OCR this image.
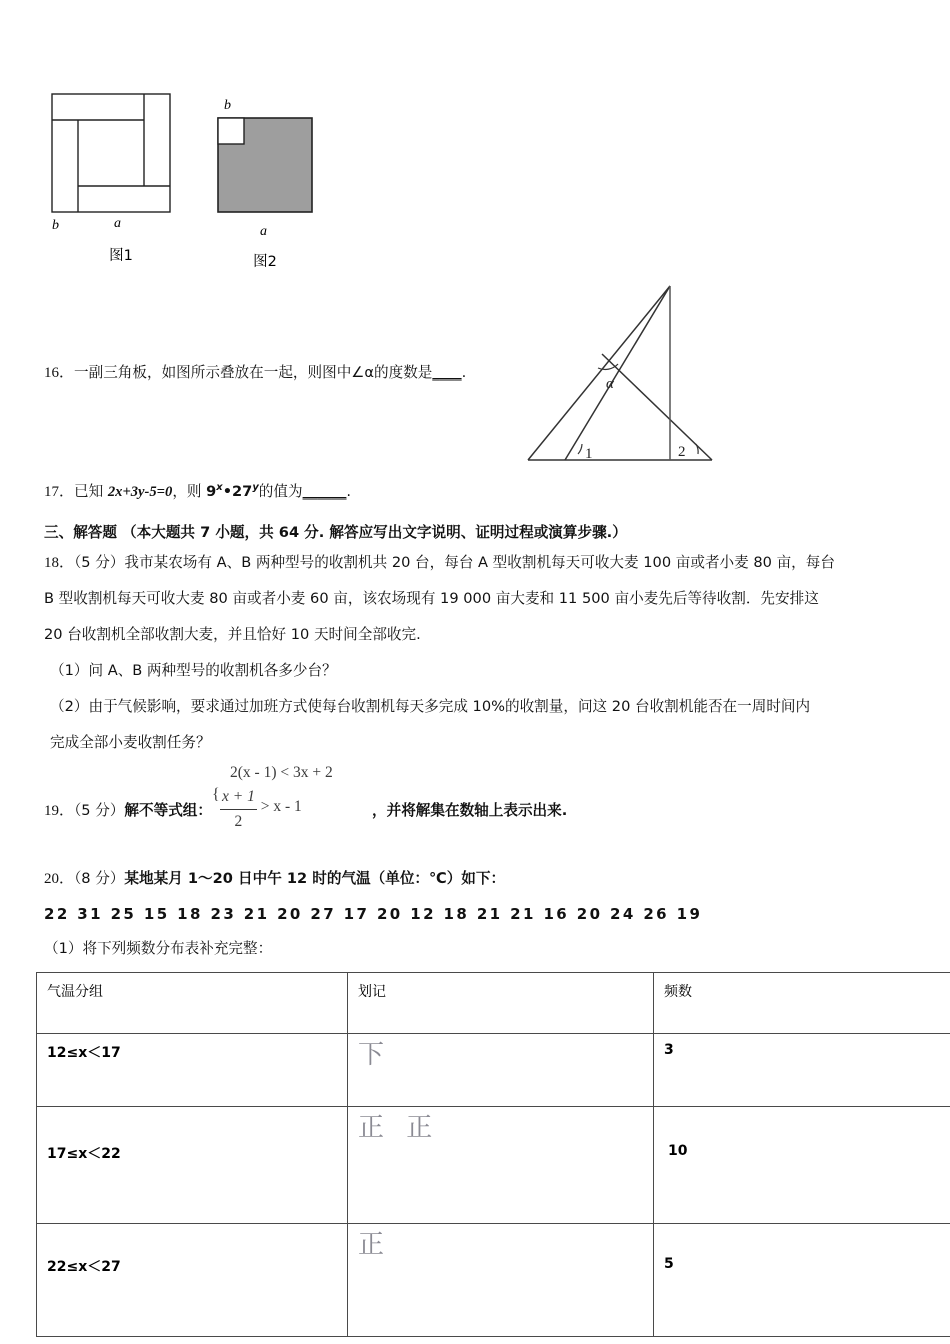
b	a
图1
b
a
图2
α
1	2
16．一副三角板，如图所示叠放在一起，则图中∠α的度数是____.
17．已知 2x+3y-5=0，则 9$^x$•27$^y$的值为______.
三、解答题 （本大题共 7 小题，共 64 分. 解答应写出文字说明、证明过程或演算步骤.）
18．（5 分）我市某农场有 A、B 两种型号的收割机共 20 台，每台 A 型收割机每天可收大麦 100 亩或者小麦 80 亩，每台
B 型收割机每天可收大麦 80 亩或者小麦 60 亩，该农场现有 19 000 亩大麦和 11 500 亩小麦先后等待收割．先安排这
20 台收割机全部收割大麦，并且恰好 10 天时间全部收完.
（1）问 A、B 两种型号的收割机各多少台？
（2）由于气候影响，要求通过加班方式使每台收割机每天多完成 10%的收割量，问这 20 台收割机能否在一周时间内
完成全部小麦收割任务？
19．（5 分）解不等式组：
2(x - 1) < 3x + 2
{ $\frac{x + 1}{2} > x - 1$	，并将解集在数轴上表示出来.
20．（8 分）某地某月 1～20 日中午 12 时的气温（单位：℃）如下：
22 31 25 15 18 23 21 20 27 17 20 12 18 21 21 16 20 24 26 19
（1）将下列频数分布表补充完整：
气温分组	划记	频数
12≤x＜17	下	3
17≤x＜22	正 正	10
22≤x＜27	正	5
